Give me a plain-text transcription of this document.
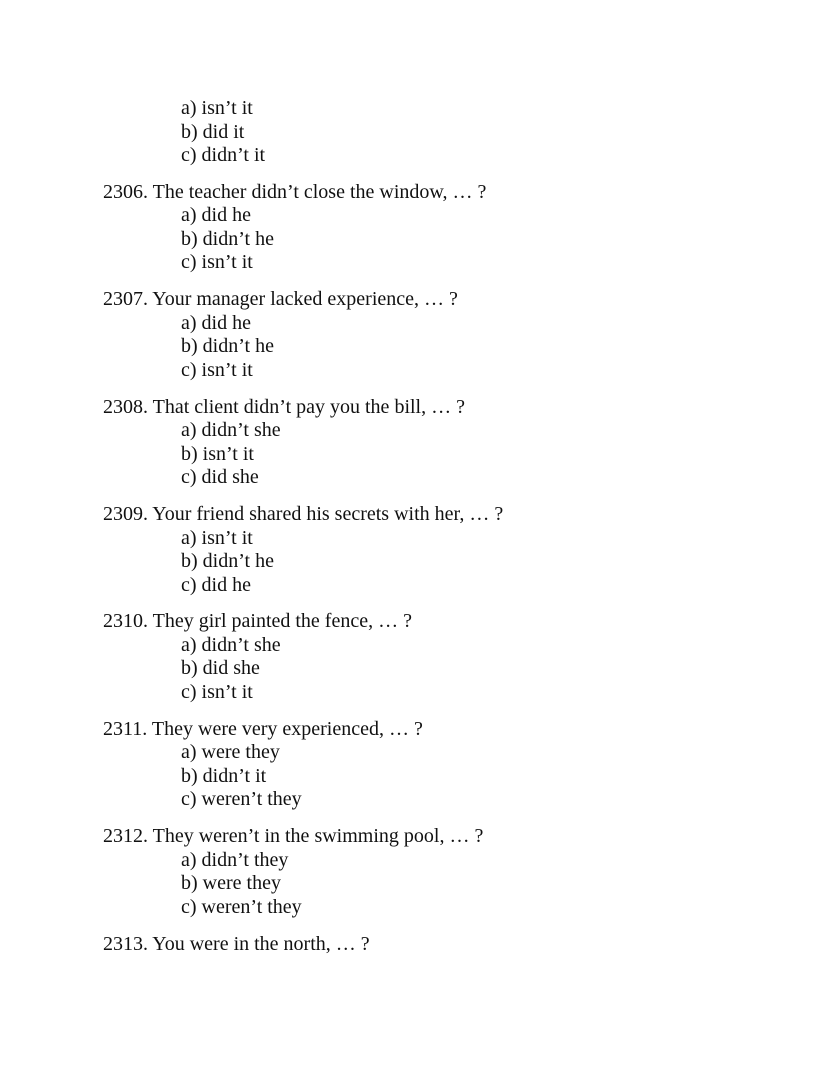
a) isn’t it
b) did it
c) didn’t it
2306. The teacher didn’t close the window, … ?
a) did he
b) didn’t he
c) isn’t it
2307. Your manager lacked experience, … ?
a) did he
b) didn’t he
c) isn’t it
2308. That client didn’t pay you the bill, … ?
a) didn’t she
b) isn’t it
c) did she
2309. Your friend shared his secrets with her, … ?
a) isn’t it
b) didn’t he
c) did he
2310. They girl painted the fence, … ?
a) didn’t she
b) did she
c) isn’t it
2311. They were very experienced, … ?
a) were they
b) didn’t it
c) weren’t they
2312. They weren’t in the swimming pool, … ?
a) didn’t they
b) were they
c) weren’t they
2313. You were in the north, … ?
